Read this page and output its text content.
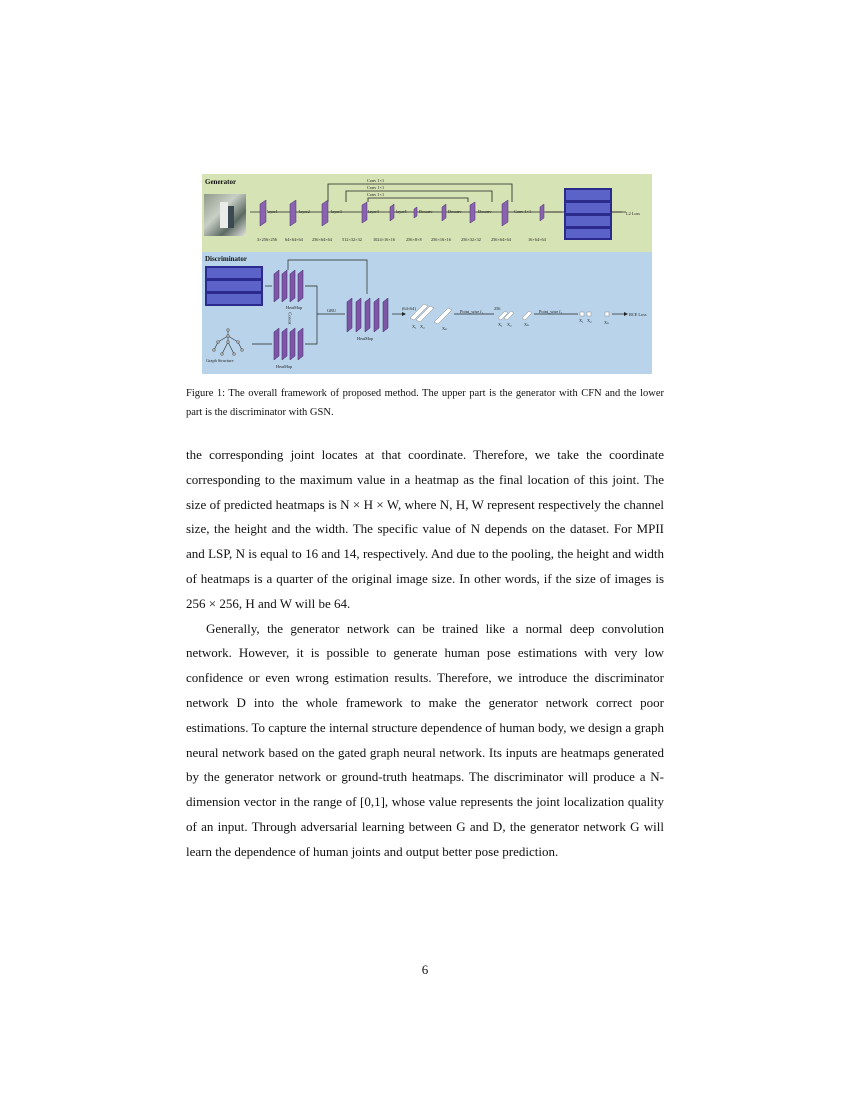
Generator	Conv 1×1
Conv 1×1
Conv 1×1
layer1	layer2	layer3	layer4	layer5	Deconv	Deconv	Deconv	Conv 1×1	L2 Loss
3×256×256 64×64×64 256×64×64 512×32×32	1024×16×16	256×8×8 256×16×16 256×32×32 256×64×64	16×64×64
Discriminator
HeatMap
Concat
HeatMap
HeatMap
Graph Structure
GRU	(64×64)
Point_wise f₁
256
Point_wise f₂
X₁ X₂	Xₙ
X₁ X₂	Xₙ
X₁ X₂	Xₙ
BCE Loss
Figure 1: The overall framework of proposed method. The upper part is the generator with CFN and the lower part is the discriminator with GSN.

the corresponding joint locates at that coordinate. Therefore, we take the coordinate corresponding to the maximum value in a heatmap as the final location of this joint. The size of predicted heatmaps is N × H × W, where N, H, W represent respectively the channel size, the height and the width. The specific value of N depends on the dataset. For MPII and LSP, N is equal to 16 and 14, respectively. And due to the pooling, the height and width of heatmaps is a quarter of the original image size. In other words, if the size of images is 256 × 256, H and W will be 64.

Generally, the generator network can be trained like a normal deep convolution network. However, it is possible to generate human pose estimations with very low confidence or even wrong estimation results. Therefore, we introduce the discriminator network D into the whole framework to make the generator network correct poor estimations. To capture the internal structure dependence of human body, we design a graph neural network based on the gated graph neural network. Its inputs are heatmaps generated by the generator network or ground-truth heatmaps. The discriminator will produce a N-dimension vector in the range of [0,1], whose value represents the joint localization quality of an input. Through adversarial learning between G and D, the generator network G will learn the dependence of human joints and output better pose prediction.

6
